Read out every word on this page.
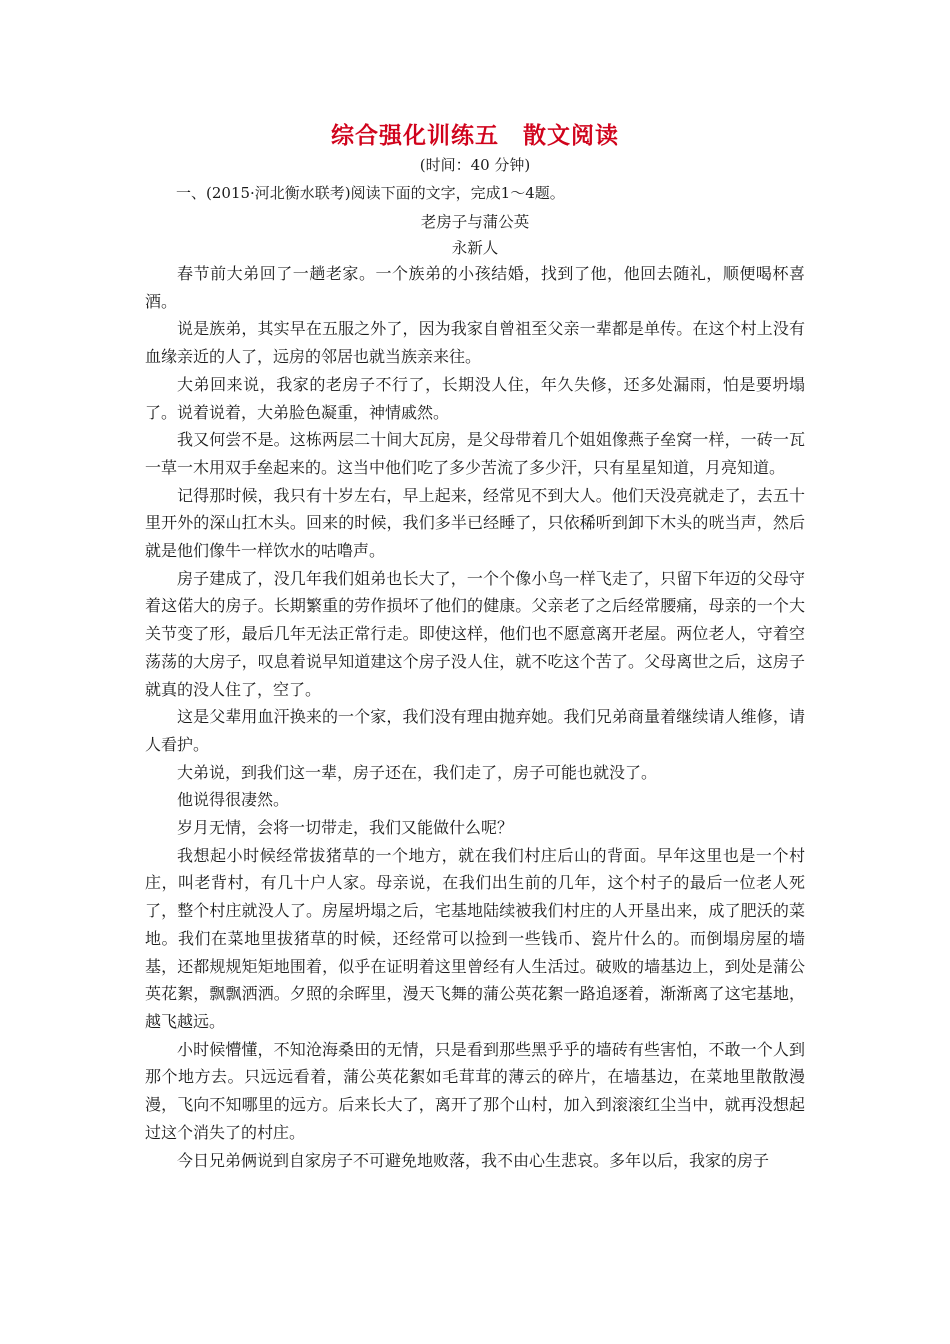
综合强化训练五　散文阅读
(时间：40 分钟)
一、(2015·河北衡水联考)阅读下面的文字，完成1～4题。
老房子与蒲公英
永新人

春节前大弟回了一趟老家。一个族弟的小孩结婚，找到了他，他回去随礼，顺便喝杯喜酒。

说是族弟，其实早在五服之外了，因为我家自曾祖至父亲一辈都是单传。在这个村上没有血缘亲近的人了，远房的邻居也就当族亲来往。

大弟回来说，我家的老房子不行了，长期没人住，年久失修，还多处漏雨，怕是要坍塌了。说着说着，大弟脸色凝重，神情戚然。

我又何尝不是。这栋两层二十间大瓦房，是父母带着几个姐姐像燕子垒窝一样，一砖一瓦一草一木用双手垒起来的。这当中他们吃了多少苦流了多少汗，只有星星知道，月亮知道。

记得那时候，我只有十岁左右，早上起来，经常见不到大人。他们天没亮就走了，去五十里开外的深山扛木头。回来的时候，我们多半已经睡了，只依稀听到卸下木头的咣当声，然后就是他们像牛一样饮水的咕噜声。

房子建成了，没几年我们姐弟也长大了，一个个像小鸟一样飞走了，只留下年迈的父母守着这偌大的房子。长期繁重的劳作损坏了他们的健康。父亲老了之后经常腰痛，母亲的一个大关节变了形，最后几年无法正常行走。即使这样，他们也不愿意离开老屋。两位老人，守着空荡荡的大房子，叹息着说早知道建这个房子没人住，就不吃这个苦了。父母离世之后，这房子就真的没人住了，空了。

这是父辈用血汗换来的一个家，我们没有理由抛弃她。我们兄弟商量着继续请人维修，请人看护。

大弟说，到我们这一辈，房子还在，我们走了，房子可能也就没了。

他说得很凄然。

岁月无情，会将一切带走，我们又能做什么呢？

我想起小时候经常拔猪草的一个地方，就在我们村庄后山的背面。早年这里也是一个村庄，叫老背村，有几十户人家。母亲说，在我们出生前的几年，这个村子的最后一位老人死了，整个村庄就没人了。房屋坍塌之后，宅基地陆续被我们村庄的人开垦出来，成了肥沃的菜地。我们在菜地里拔猪草的时候，还经常可以捡到一些钱币、瓷片什么的。而倒塌房屋的墙基，还都规规矩矩地围着，似乎在证明着这里曾经有人生活过。破败的墙基边上，到处是蒲公英花絮，飘飘洒洒。夕照的余晖里，漫天飞舞的蒲公英花絮一路追逐着，渐渐离了这宅基地，越飞越远。

小时候懵懂，不知沧海桑田的无情，只是看到那些黑乎乎的墙砖有些害怕，不敢一个人到那个地方去。只远远看着，蒲公英花絮如毛茸茸的薄云的碎片，在墙基边，在菜地里散散漫漫，飞向不知哪里的远方。后来长大了，离开了那个山村，加入到滚滚红尘当中，就再没想起过这个消失了的村庄。

今日兄弟俩说到自家房子不可避免地败落，我不由心生悲哀。多年以后，我家的房子
